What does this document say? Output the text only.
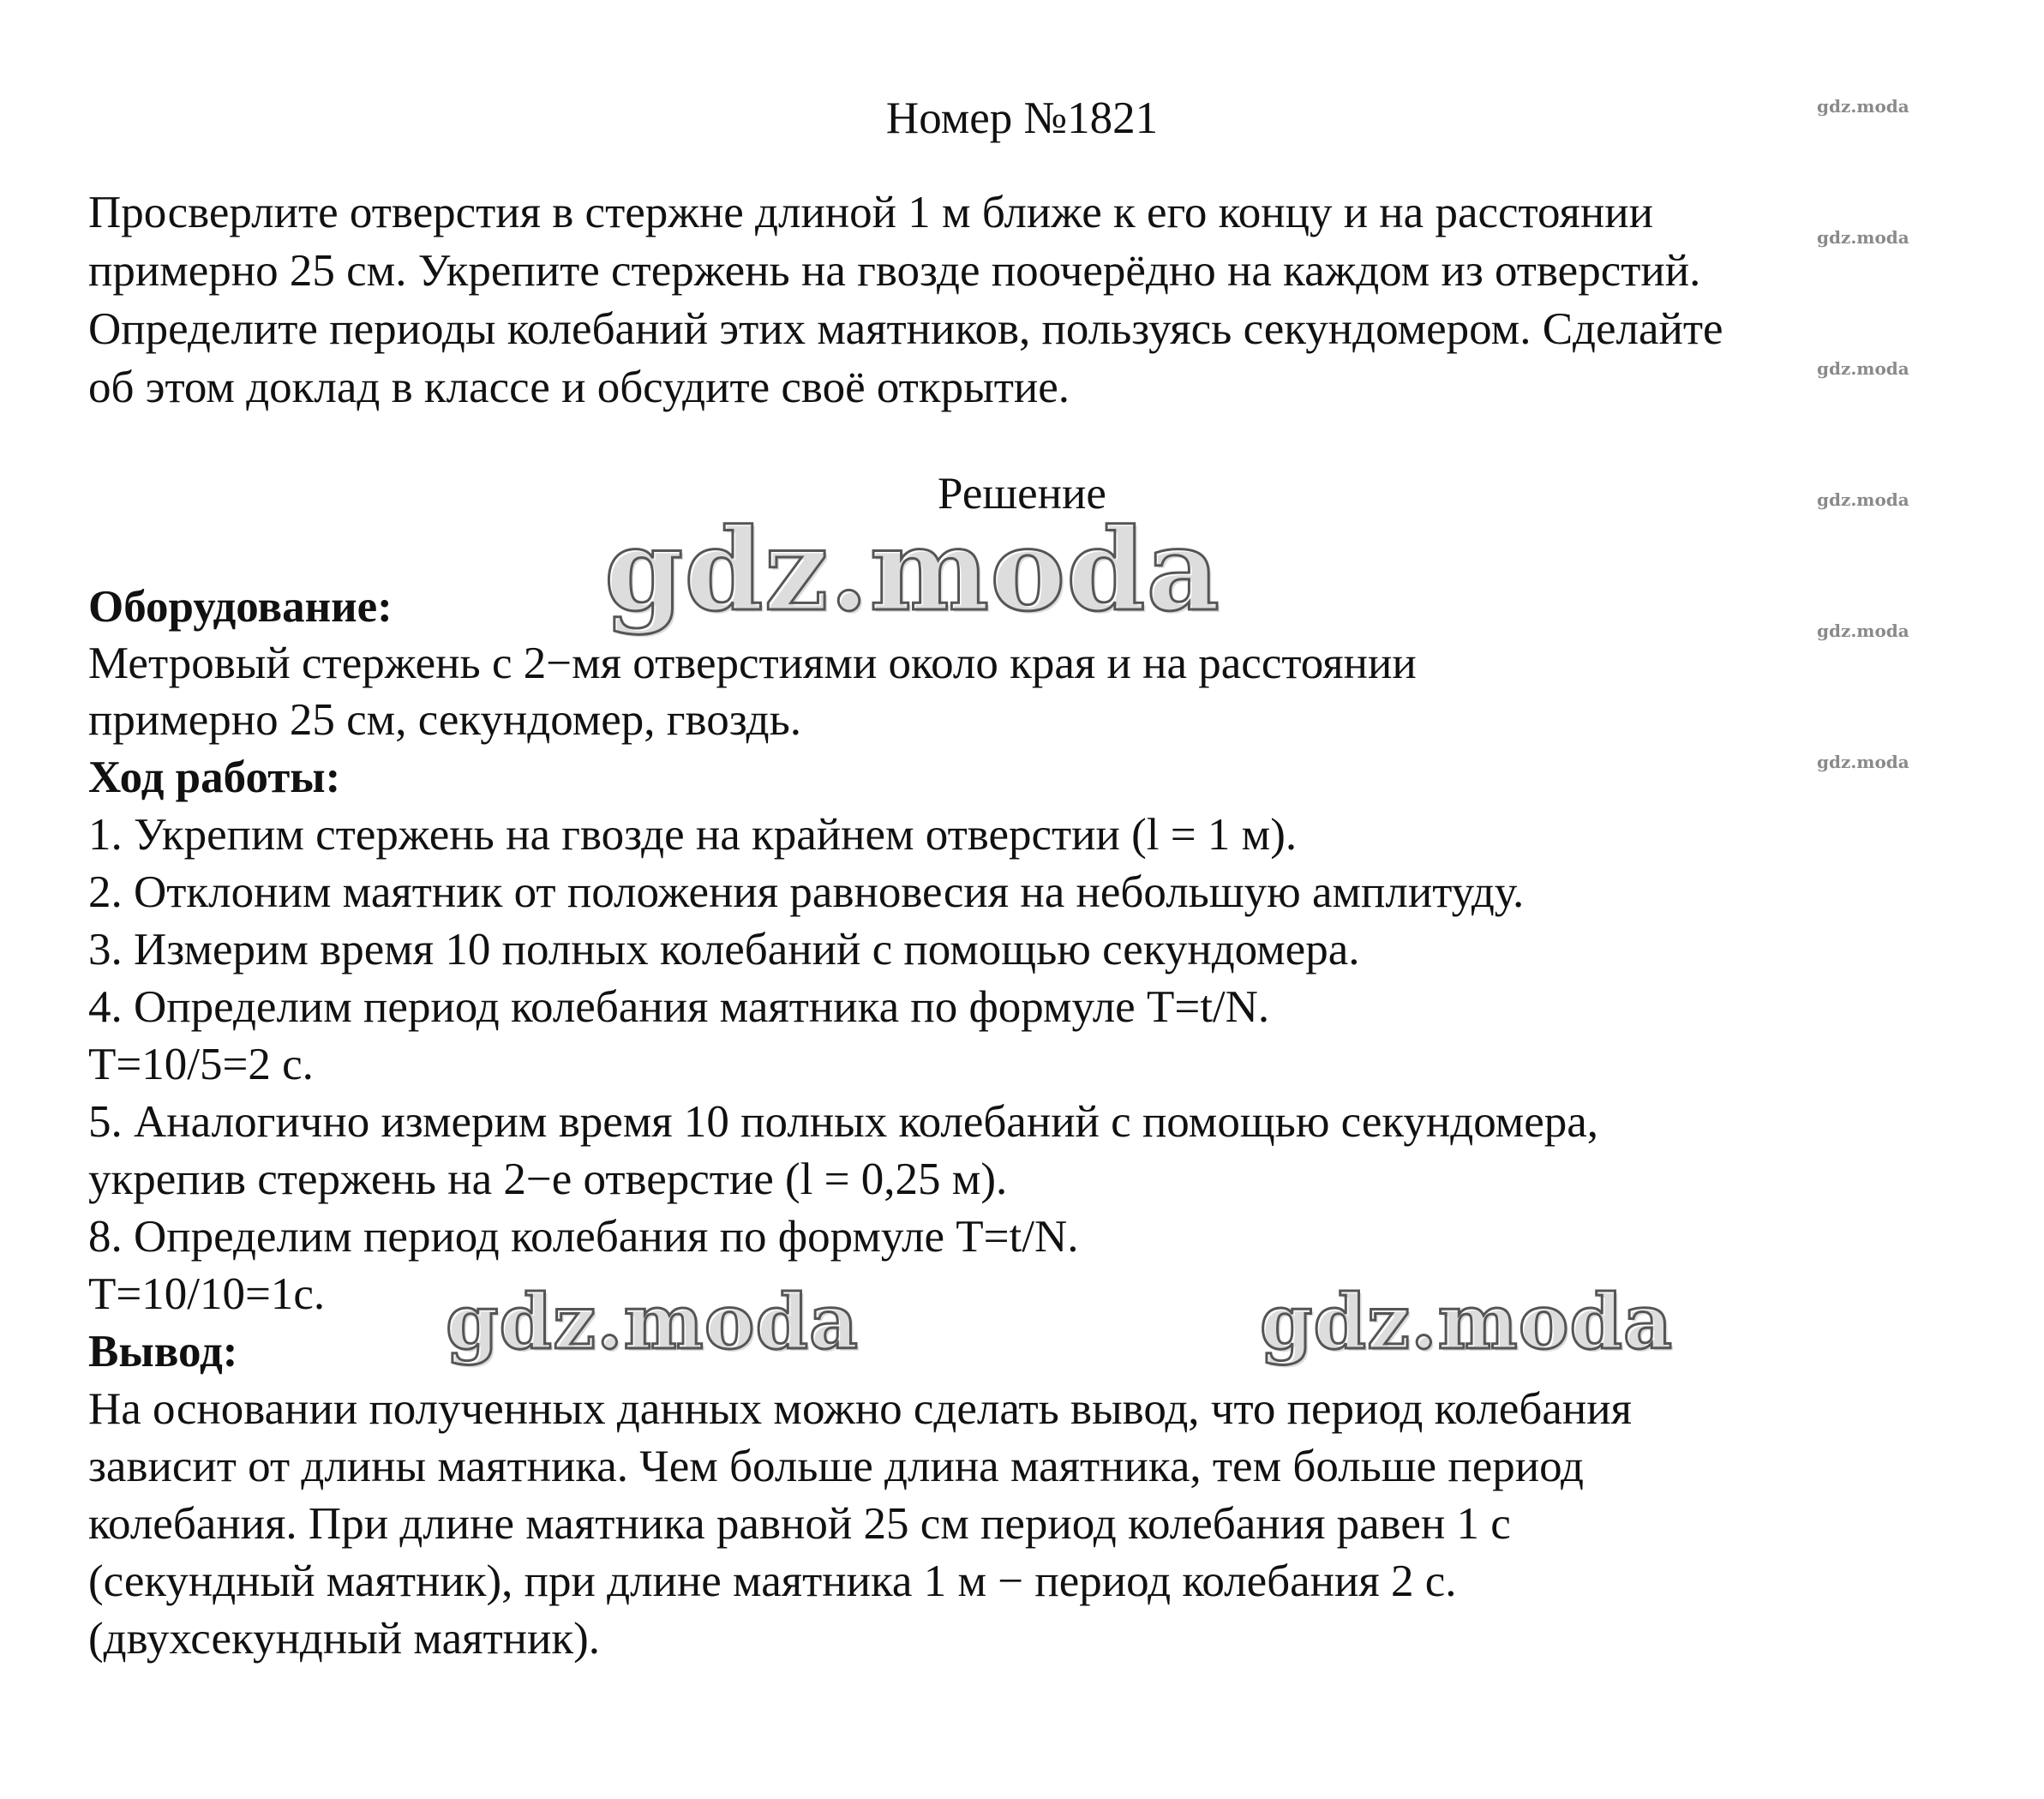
gdz.moda
gdz.moda
gdz.moda
gdz.moda
gdz.moda
gdz.moda
gdz.moda
gdz.moda	gdz.moda
Номер №1821
Просверлите отверстия в стержне длиной 1 м ближе к его концу и на расстоянии
примерно 25 см. Укрепите стержень на гвозде поочерёдно на каждом из отверстий.
Определите периоды колебаний этих маятников, пользуясь секундомером. Сделайте
об этом доклад в классе и обсудите своё открытие.
Решение
Оборудование:
Метровый стержень с 2−мя отверстиями около края и на расстоянии
примерно 25 см, секундомер, гвоздь.
Ход работы:
1. Укрепим стержень на гвозде на крайнем отверстии (l = 1 м).
2. Отклоним маятник от положения равновесия на небольшую амплитуду.
3. Измерим время 10 полных колебаний с помощью секундомера.
4. Определим период колебания маятника по формуле T=t/N.
T=10/5=2 с.
5. Аналогично измерим время 10 полных колебаний с помощью секундомера,
укрепив стержень на 2−е отверстие (l = 0,25 м).
8. Определим период колебания по формуле T=t/N.
T=10/10=1с.
Вывод:
На основании полученных данных можно сделать вывод, что период колебания
зависит от длины маятника. Чем больше длина маятника, тем больше период
колебания. При длине маятника равной 25 см период колебания равен 1 с
(секундный маятник), при длине маятника 1 м − период колебания 2 с.
(двухсекундный маятник).
